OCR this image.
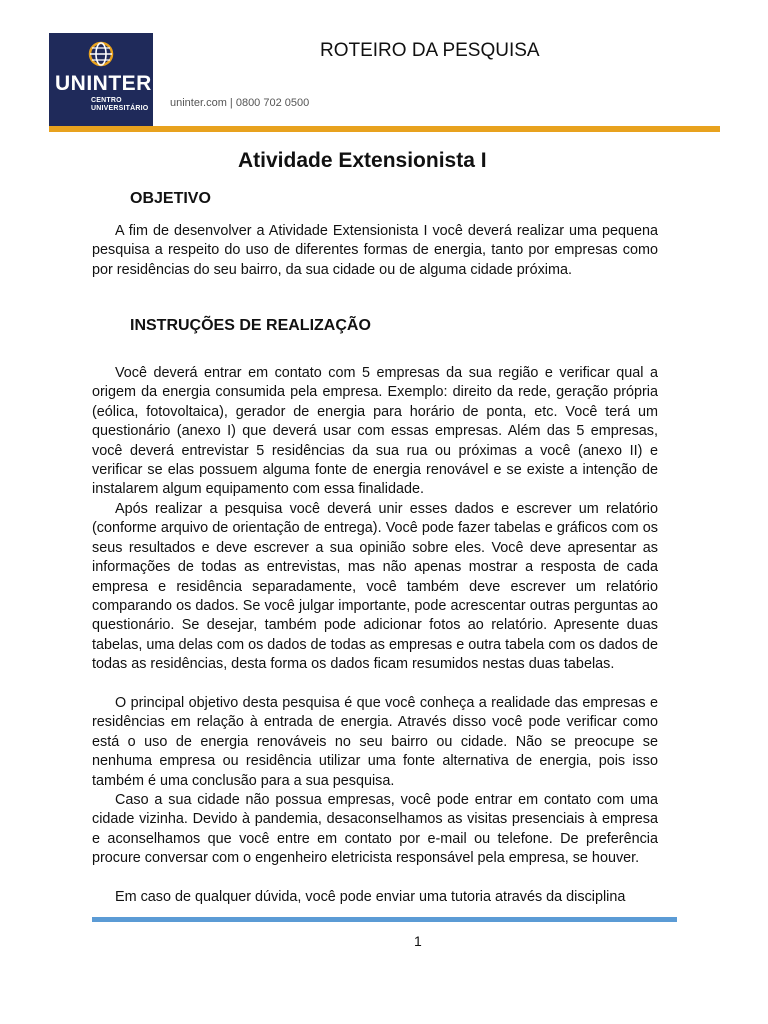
UNINTER
CENTRO
UNIVERSITÁRIO uninter.com | 0800 702 0500
ROTEIRO DA PESQUISA
Atividade Extensionista I
OBJETIVO

A fim de desenvolver a Atividade Extensionista I você deverá realizar uma pequena pesquisa a respeito do uso de diferentes formas de energia, tanto por empresas como por residências do seu bairro, da sua cidade ou de alguma cidade próxima.

INSTRUÇÕES DE REALIZAÇÃO

Você deverá entrar em contato com 5 empresas da sua região e verificar qual a origem da energia consumida pela empresa. Exemplo: direito da rede, geração própria (eólica, fotovoltaica), gerador de energia para horário de ponta, etc. Você terá um questionário (anexo I) que deverá usar com essas empresas. Além das 5 empresas, você deverá entrevistar 5 residências da sua rua ou próximas a você (anexo II) e verificar se elas possuem alguma fonte de energia renovável e se existe a intenção de instalarem algum equipamento com essa finalidade.

Após realizar a pesquisa você deverá unir esses dados e escrever um relatório (conforme arquivo de orientação de entrega). Você pode fazer tabelas e gráficos com os seus resultados e deve escrever a sua opinião sobre eles. Você deve apresentar as informações de todas as entrevistas, mas não apenas mostrar a resposta de cada empresa e residência separadamente, você também deve escrever um relatório comparando os dados. Se você julgar importante, pode acrescentar outras perguntas ao questionário. Se desejar, também pode adicionar fotos ao relatório. Apresente duas tabelas, uma delas com os dados de todas as empresas e outra tabela com os dados de todas as residências, desta forma os dados ficam resumidos nestas duas tabelas.

O principal objetivo desta pesquisa é que você conheça a realidade das empresas e residências em relação à entrada de energia. Através disso você pode verificar como está o uso de energia renováveis no seu bairro ou cidade. Não se preocupe se nenhuma empresa ou residência utilizar uma fonte alternativa de energia, pois isso também é uma conclusão para a sua pesquisa.

Caso a sua cidade não possua empresas, você pode entrar em contato com uma cidade vizinha. Devido à pandemia, desaconselhamos as visitas presenciais à empresa e aconselhamos que você entre em contato por e-mail ou telefone. De preferência procure conversar com o engenheiro eletricista responsável pela empresa, se houver.

Em caso de qualquer dúvida, você pode enviar uma tutoria através da disciplina

1
